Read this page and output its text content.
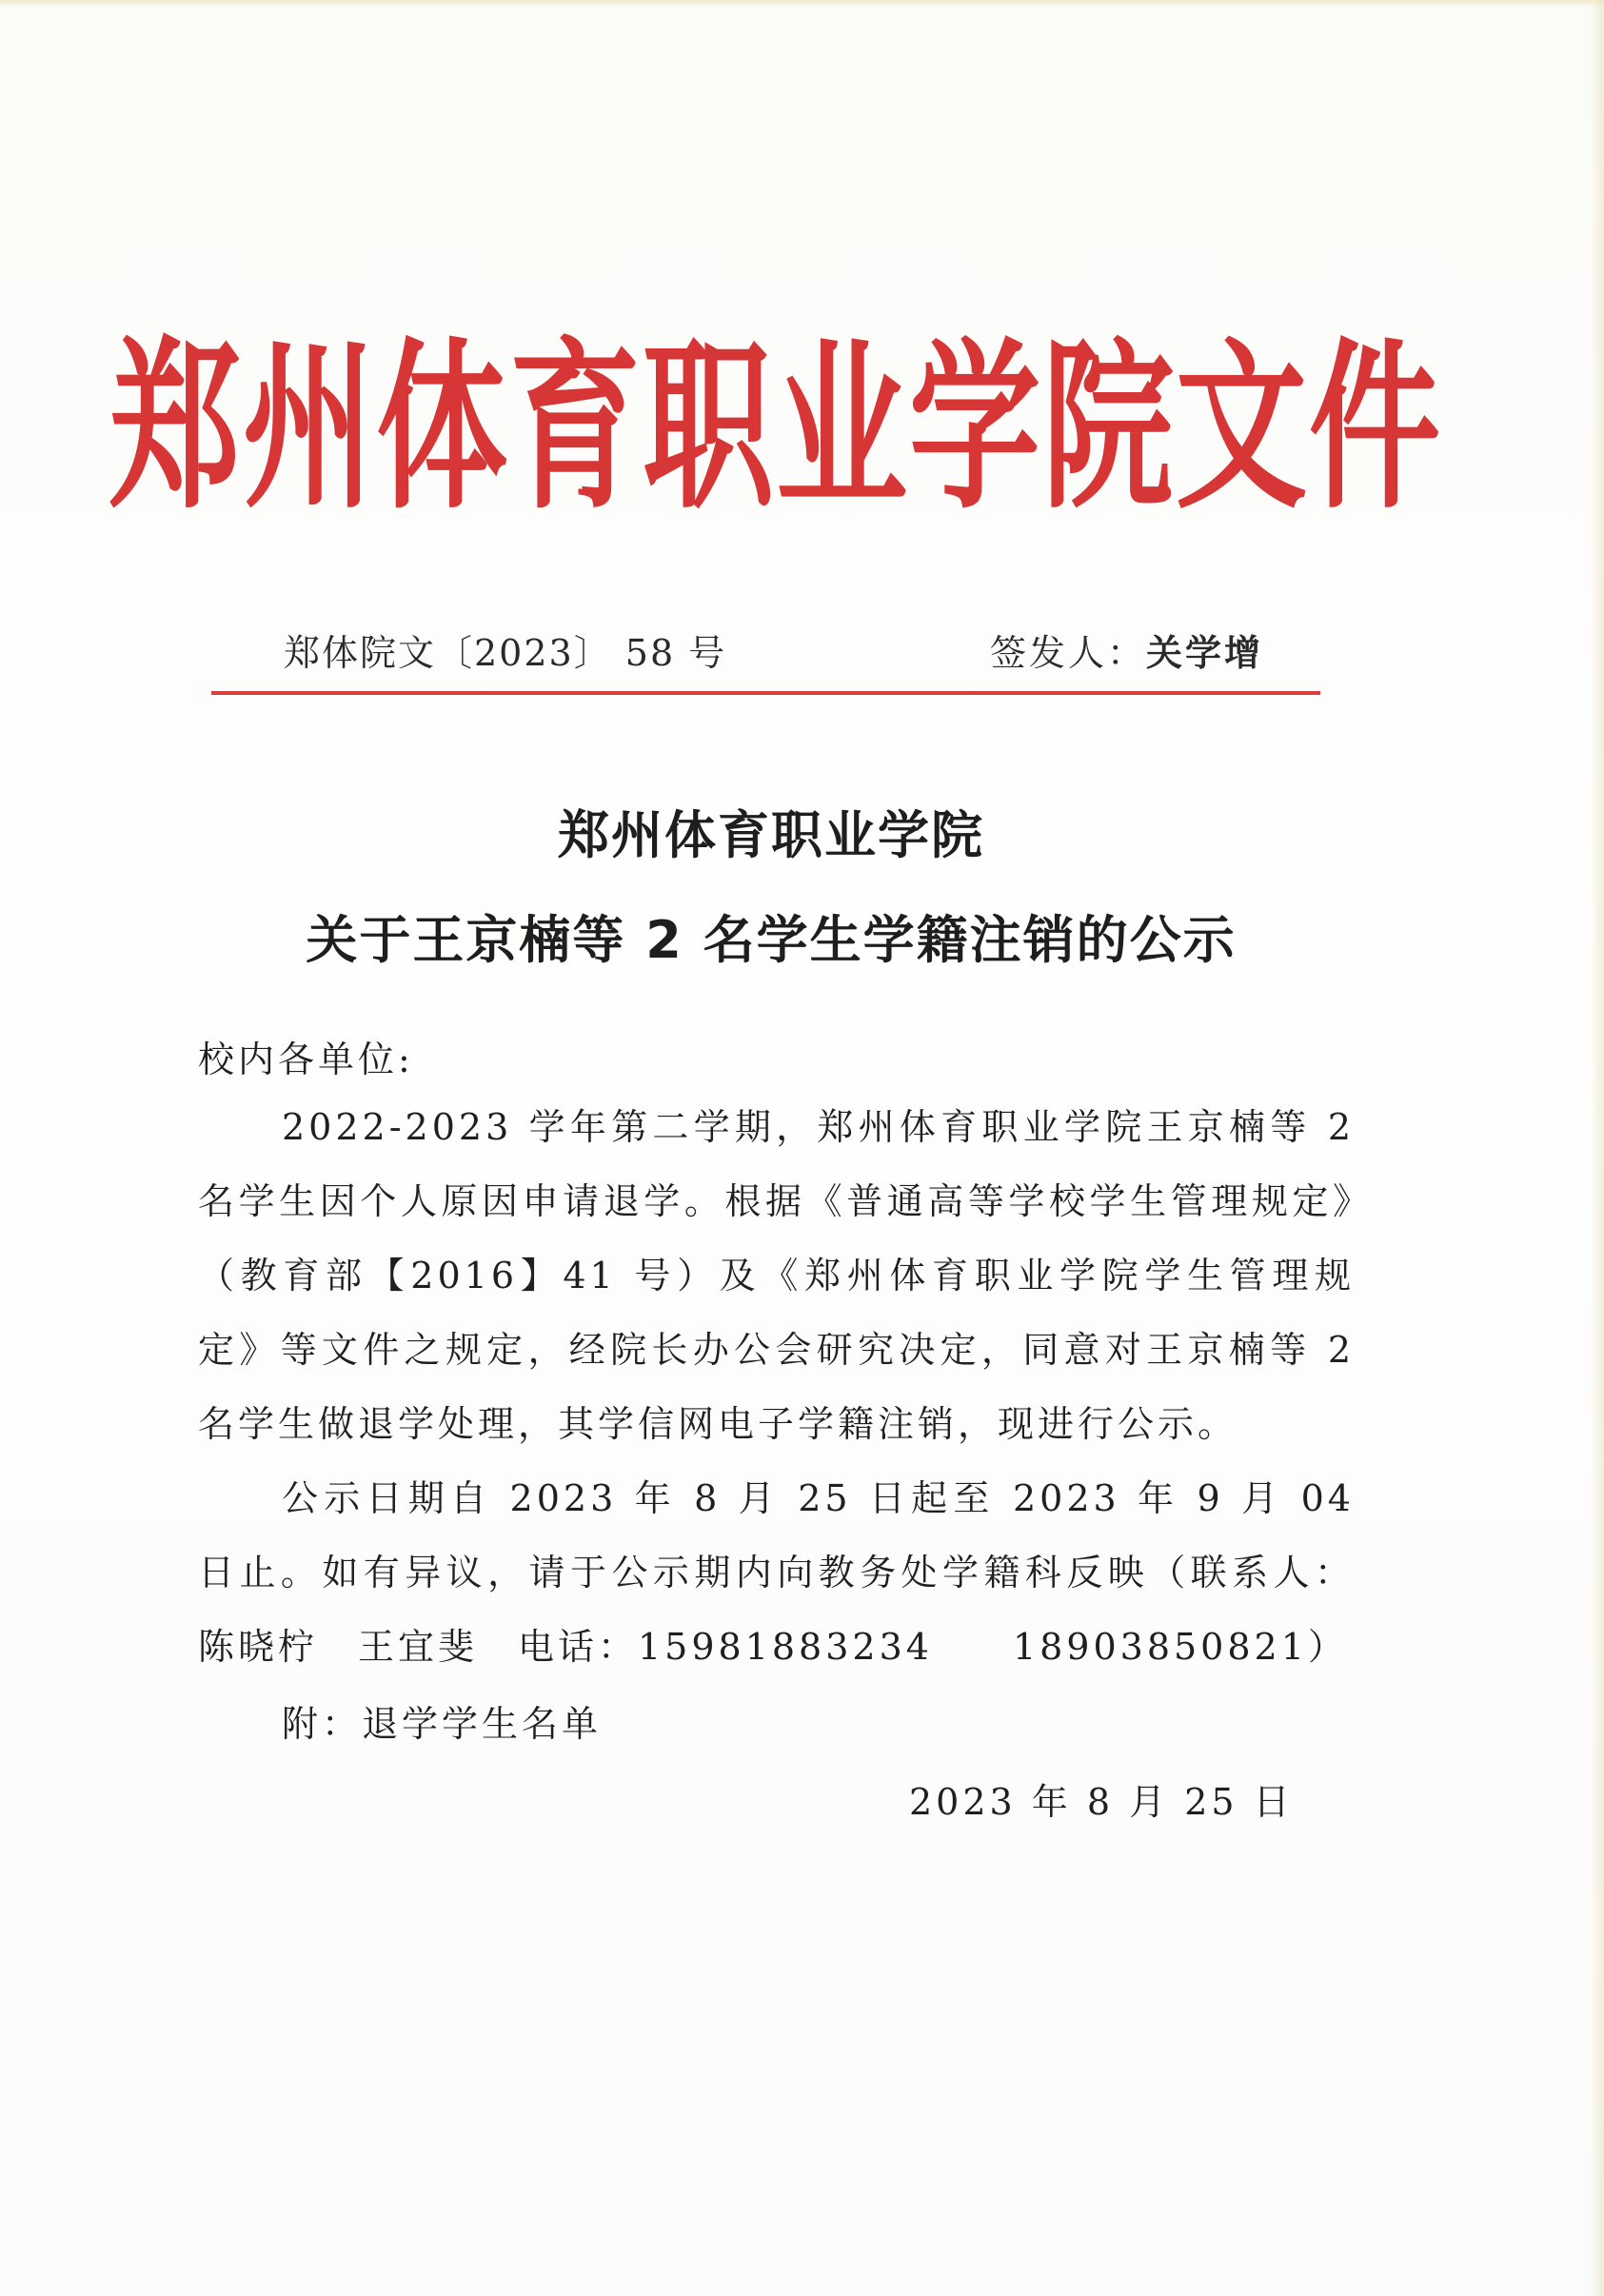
郑州体育职业学院文件
郑体院文〔2023〕 58 号	签发人：关学增
郑州体育职业学院
关于王京楠等 2 名学生学籍注销的公示
校内各单位:
2022-2023 学年第二学期，郑州体育职业学院王京楠等 2 名学生因个人原因申请退学。根据《普通高等学校学生管理规定》（教育部【2016】41 号）及《郑州体育职业学院学生管理规定》等文件之规定，经院长办公会研究决定，同意对王京楠等 2 名学生做退学处理，其学信网电子学籍注销，现进行公示。
公示日期自 2023 年 8 月 25 日起至 2023 年 9 月 04 日止。如有异议，请于公示期内向教务处学籍科反映（联系人：陈晓柠　王宜斐　电话：15981883234　　18903850821）
附：退学学生名单
2023 年 8 月 25 日
